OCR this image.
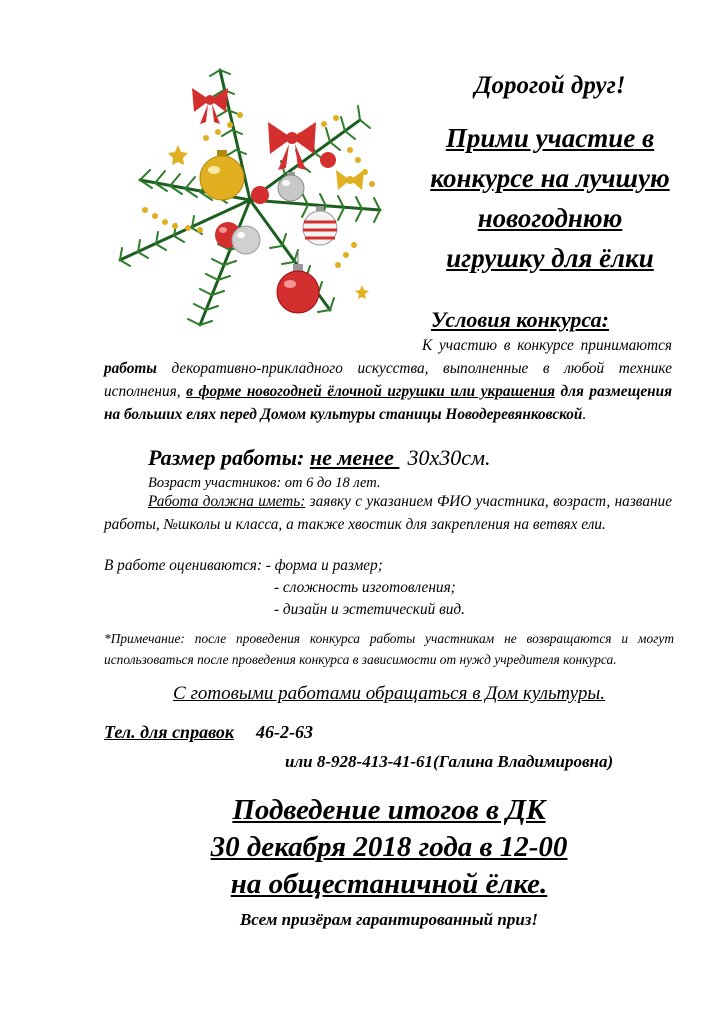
Дорогой друг!
Прими участие в
конкурсе на лучшую
новогоднюю
игрушку для ёлки
Условия конкурса:
К участию в конкурсе принимаются работы декоративно-прикладного искусства, выполненные в любой технике исполнения, в форме новогодней ёлочной игрушки или украшения для размещения на больших елях перед Домом культуры станицы Новодеревянковской.
Размер работы: не менее 30х30см.
Возраст участников: от 6 до 18 лет.
Работа должна иметь: заявку с указанием ФИО участника, возраст, название работы, №школы и класса, а также хвостик для закрепления на ветвях ели.
В работе оцениваются: - форма и размер;
- сложность изготовления;
- дизайн и эстетический вид.
*Примечание: после проведения конкурса работы участникам не возвращаются и могут использоваться после проведения конкурса в зависимости от нужд учредителя конкурса.
С готовыми работами обращаться в Дом культуры.
Тел. для справок 46-2-63
или 8-928-413-41-61(Галина Владимировна)
Подведение итогов в ДК
30 декабря 2018 года в 12-00
на общестаничной ёлке.
Всем призёрам гарантированный приз!
